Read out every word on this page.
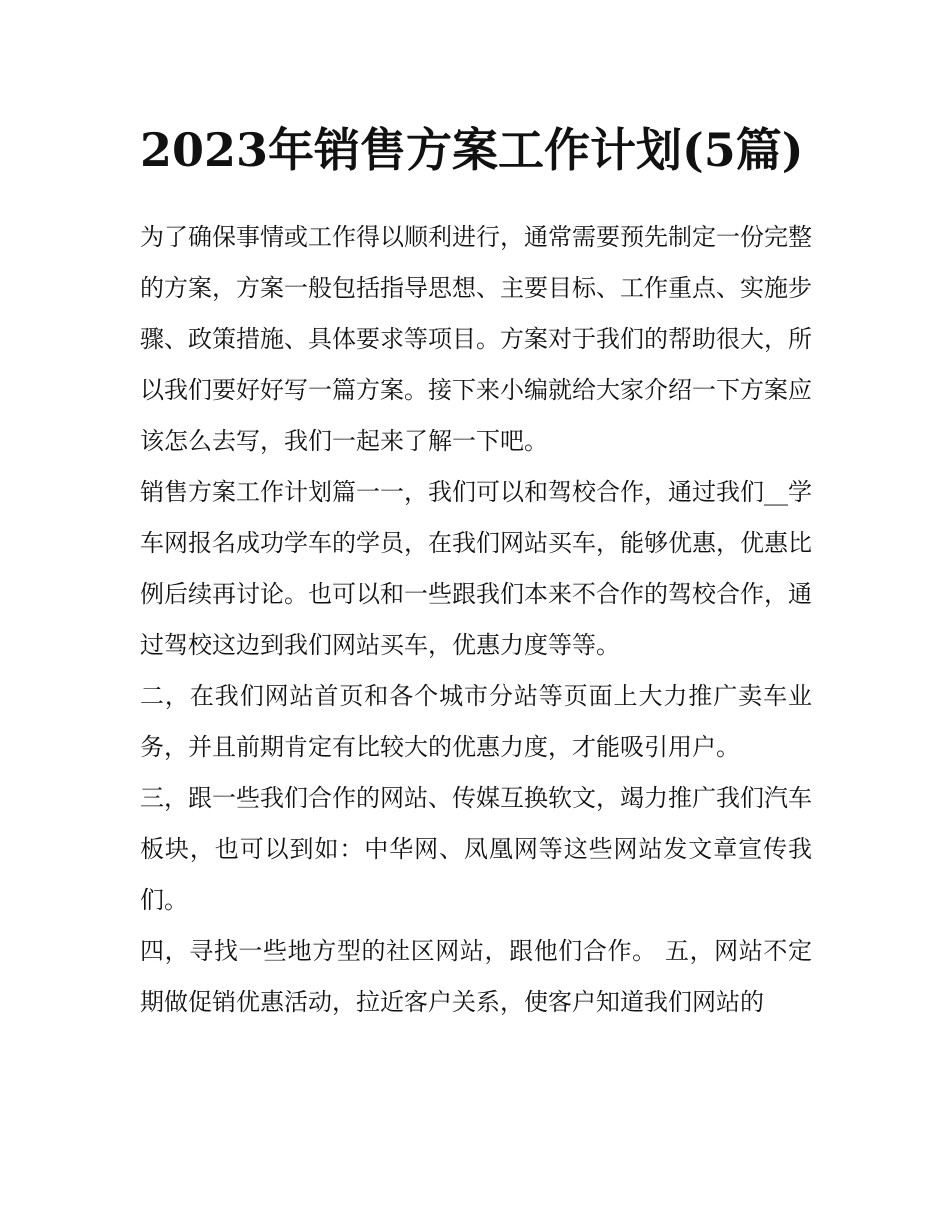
2023年销售方案工作计划(5篇)

为了确保事情或工作得以顺利进行，通常需要预先制定一份完整的方案，方案一般包括指导思想、主要目标、工作重点、实施步骤、政策措施、具体要求等项目。方案对于我们的帮助很大，所以我们要好好写一篇方案。接下来小编就给大家介绍一下方案应该怎么去写，我们一起来了解一下吧。

销售方案工作计划篇一一，我们可以和驾校合作，通过我们__学车网报名成功学车的学员，在我们网站买车，能够优惠，优惠比例后续再讨论。也可以和一些跟我们本来不合作的驾校合作，通过驾校这边到我们网站买车，优惠力度等等。

二，在我们网站首页和各个城市分站等页面上大力推广卖车业务，并且前期肯定有比较大的优惠力度，才能吸引用户。

三，跟一些我们合作的网站、传媒互换软文，竭力推广我们汽车板块，也可以到如：中华网、凤凰网等这些网站发文章宣传我们。

四，寻找一些地方型的社区网站，跟他们合作。 五，网站不定期做促销优惠活动，拉近客户关系，使客户知道我们网站的
